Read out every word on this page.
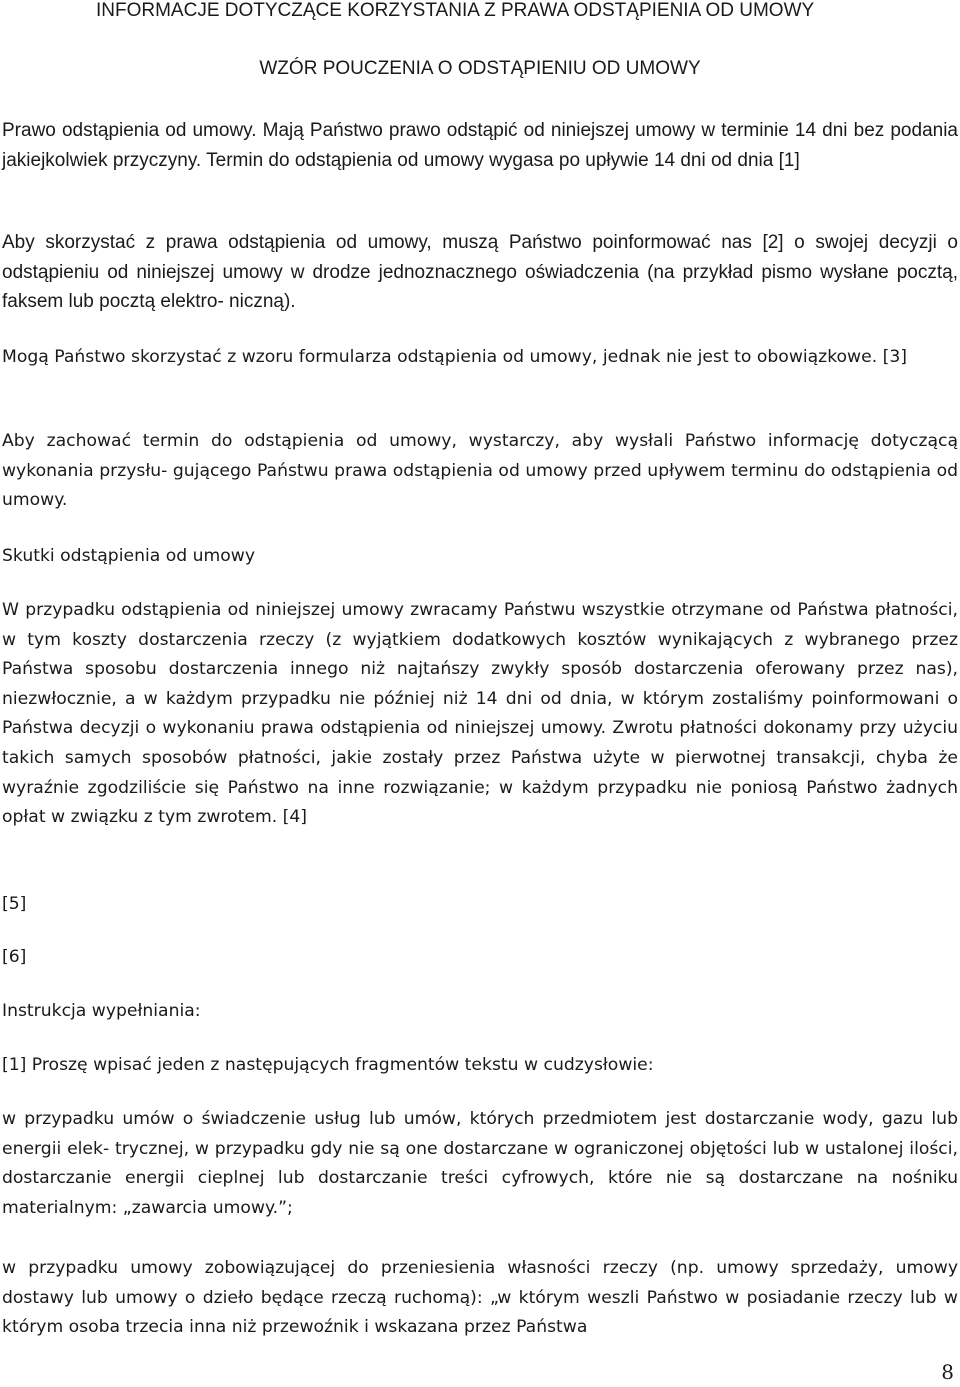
INFORMACJE DOTYCZĄCE KORZYSTANIA Z PRAWA ODSTĄPIENIA OD UMOWY

WZÓR POUCZENIA O ODSTĄPIENIU OD UMOWY

Prawo odstąpienia od umowy. Mają Państwo prawo odstąpić od niniejszej umowy w terminie 14 dni bez podania jakiejkolwiek przyczyny. Termin do odstąpienia od umowy wygasa po upływie 14 dni od dnia [1]

Aby skorzystać z prawa odstąpienia od umowy, muszą Państwo poinformować nas [2] o swojej decyzji o odstąpieniu od niniejszej umowy w drodze jednoznacznego oświadczenia (na przykład pismo wysłane pocztą, faksem lub pocztą elektro- niczną).

Mogą Państwo skorzystać z wzoru formularza odstąpienia od umowy, jednak nie jest to obowiązkowe. [3]

Aby zachować termin do odstąpienia od umowy, wystarczy, aby wysłali Państwo informację dotyczącą wykonania przysłu- gującego Państwu prawa odstąpienia od umowy przed upływem terminu do odstąpienia od umowy.

Skutki odstąpienia od umowy

W przypadku odstąpienia od niniejszej umowy zwracamy Państwu wszystkie otrzymane od Państwa płatności, w tym koszty dostarczenia rzeczy (z wyjątkiem dodatkowych kosztów wynikających z wybranego przez Państwa sposobu dostarczenia innego niż najtańszy zwykły sposób dostarczenia oferowany przez nas), niezwłocznie, a w każdym przypadku nie później niż 14 dni od dnia, w którym zostaliśmy poinformowani o Państwa decyzji o wykonaniu prawa odstąpienia od niniejszej umowy. Zwrotu płatności dokonamy przy użyciu takich samych sposobów płatności, jakie zostały przez Państwa użyte w pierwotnej transakcji, chyba że wyraźnie zgodziliście się Państwo na inne rozwiązanie; w każdym przypadku nie poniosą Państwo żadnych opłat w związku z tym zwrotem. [4]

[5]

[6]

Instrukcja wypełniania:

[1] Proszę wpisać jeden z następujących fragmentów tekstu w cudzysłowie:

w przypadku umów o świadczenie usług lub umów, których przedmiotem jest dostarczanie wody, gazu lub energii elek- trycznej, w przypadku gdy nie są one dostarczane w ograniczonej objętości lub w ustalonej ilości, dostarczanie energii cieplnej lub dostarczanie treści cyfrowych, które nie są dostarczane na nośniku materialnym: „zawarcia umowy.”;

w przypadku umowy zobowiązującej do przeniesienia własności rzeczy (np. umowy sprzedaży, umowy dostawy lub umowy o dzieło będące rzeczą ruchomą): „w którym weszli Państwo w posiadanie rzeczy lub w którym osoba trzecia inna niż przewoźnik i wskazana przez Państwa

8
